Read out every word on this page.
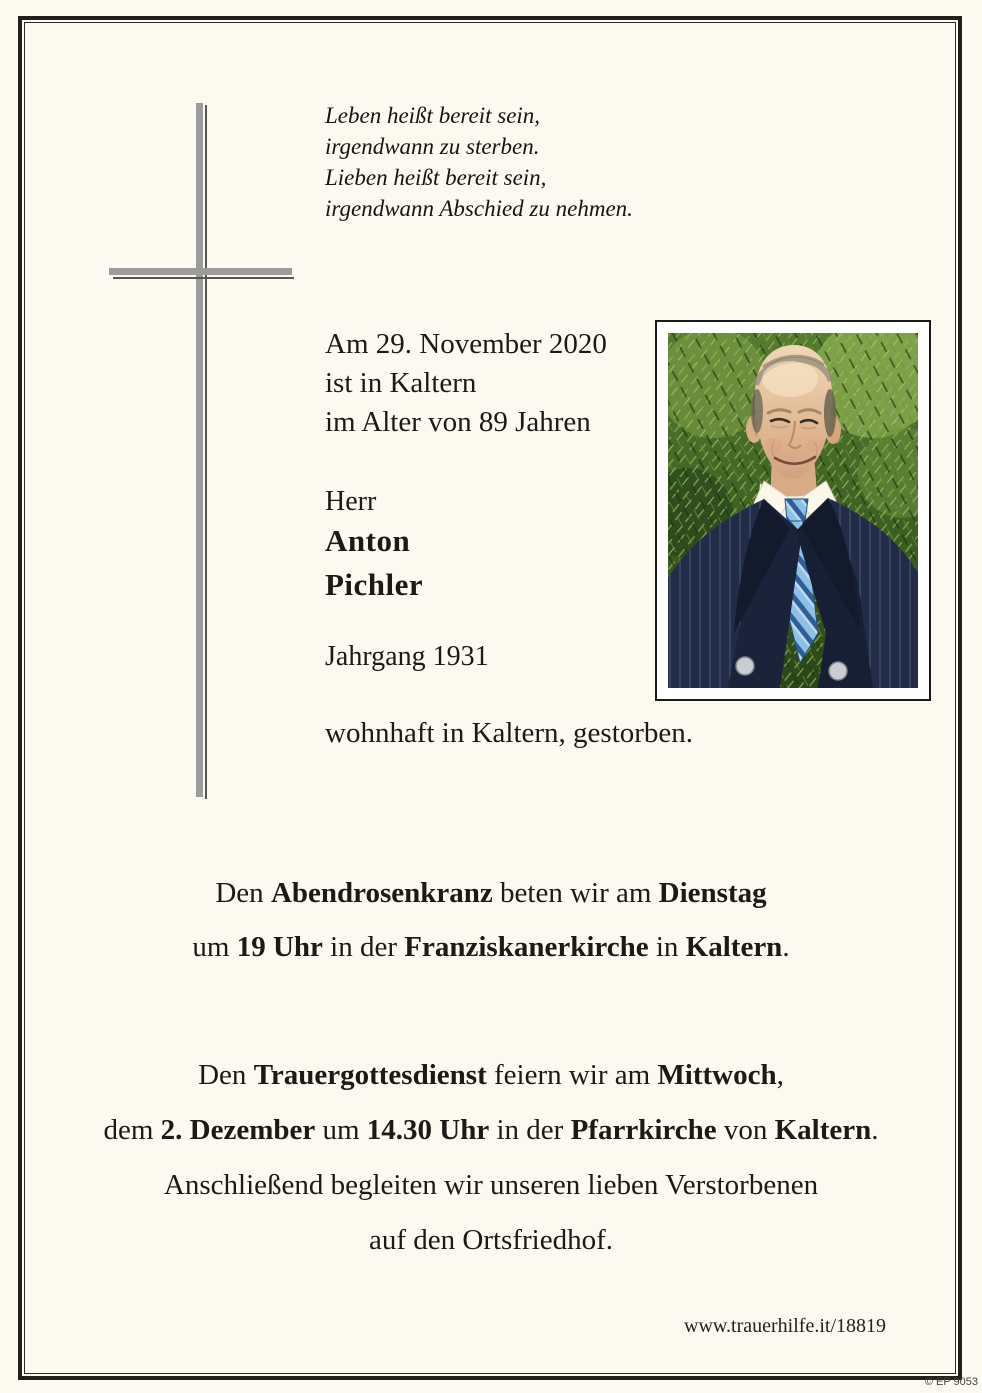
Leben heißt bereit sein,
irgendwann zu sterben.
Lieben heißt bereit sein,
irgendwann Abschied zu nehmen.
Am 29. November 2020
ist in Kaltern
im Alter von 89 Jahren
Herr
Anton
Pichler
Jahrgang 1931
wohnhaft in Kaltern, gestorben.
Den Abendrosenkranz beten wir am Dienstag
um 19 Uhr in der Franziskanerkirche in Kaltern.
Den Trauergottesdienst feiern wir am Mittwoch,
dem 2. Dezember um 14.30 Uhr in der Pfarrkirche von Kaltern.
Anschließend begleiten wir unseren lieben Verstorbenen
auf den Ortsfriedhof.
www.trauerhilfe.it/18819
© EP 9053
